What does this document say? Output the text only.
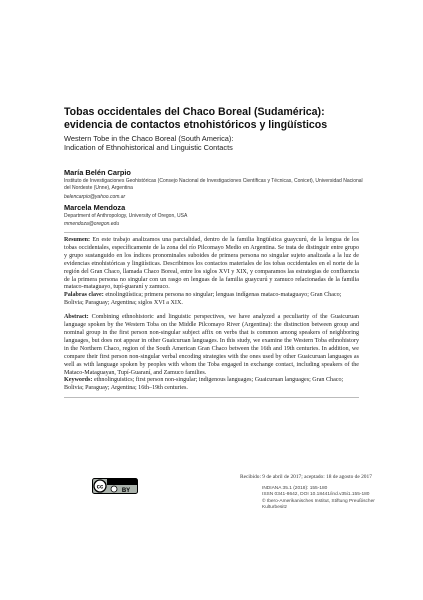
Tobas occidentales del Chaco Boreal (Sudamérica): evidencia de contactos etnohistóricos y lingüísticos
Western Tobe in the Chaco Boreal (South America):
Indication of Ethnohistorical and Linguistic Contacts
María Belén Carpio
Instituto de Investigaciones Geohistóricas (Consejo Nacional de Investigaciones Científicas y Técnicas, Conicet), Universidad Nacional del Nordeste (Unne), Argentina
belencarpio@yahoo.com.ar
Marcela Mendoza
Department of Anthropology, University of Oregon, USA
mmendoza@oregon.edu

Resumen: En este trabajo analizamos una parcialidad, dentro de la familia lingüística guaycurú, de la lengua de los tobas occidentales, específicamente de la zona del río Pilcomayo Medio en Argentina. Se trata de distinguir entre grupo y grupo sustanguido en los índices pronominales suboides de primera persona no singular sujeto analizada a la luz de evidencias etnohistóricas y lingüísticas. Describimos los contactos materiales de los tobas occidentales en el norte de la región del Gran Chaco, llamada Chaco Boreal, entre los siglos XVI y XIX, y comparamos las estrategias de confluencia de la primera persona no singular con un rasgo en lenguas de la familia guaycurú y zamuco relacionadas de la familia mataco-mataguayo, tupí-guaraní y zamuco.

Palabras clave: etnolingüística; primera persona no singular; lenguas indígenas mataco-mataguayo; Gran Chaco; Bolivia; Paraguay; Argentina; siglos XVI a XIX.

Abstract: Combining ethnohistoric and linguistic perspectives, we have analyzed a peculiarity of the Guaicuruan language spoken by the Western Toba on the Middle Pilcomayo River (Argentina): the distinction between group and nominal group in the first person non-singular subject affix on verbs that is common among speakers of neighboring languages, but does not appear in other Guaicuruan languages. In this study, we examine the Western Toba ethnohistory in the Northern Chaco, region of the South American Gran Chaco between the 16th and 19th centuries. In addition, we compare their first person non-singular verbal encoding strategies with the ones used by other Guaicuruan languages as well as with language spoken by peoples with whom the Toba engaged in exchange contact, including speakers of the Mataco-Mataguayan, Tupí-Guaraní, and Zamuco families.

Keywords: ethnolinguistics; first person non-singular; indigenous languages; Guaicuruan languages; Gran Chaco; Bolivia; Paraguay; Argentina; 16th–19th centuries.

cc
BY
Recibido: 9 de abril de 2017; aceptado: 18 de agosto de 2017
INDIANA 35.1 (2018): 155-180
ISSN 0341-8642, DOI 10.18441/ind.v35i1.155-180
© Ibero-Amerikanisches Institut, Stiftung Preußischer Kulturbesitz
